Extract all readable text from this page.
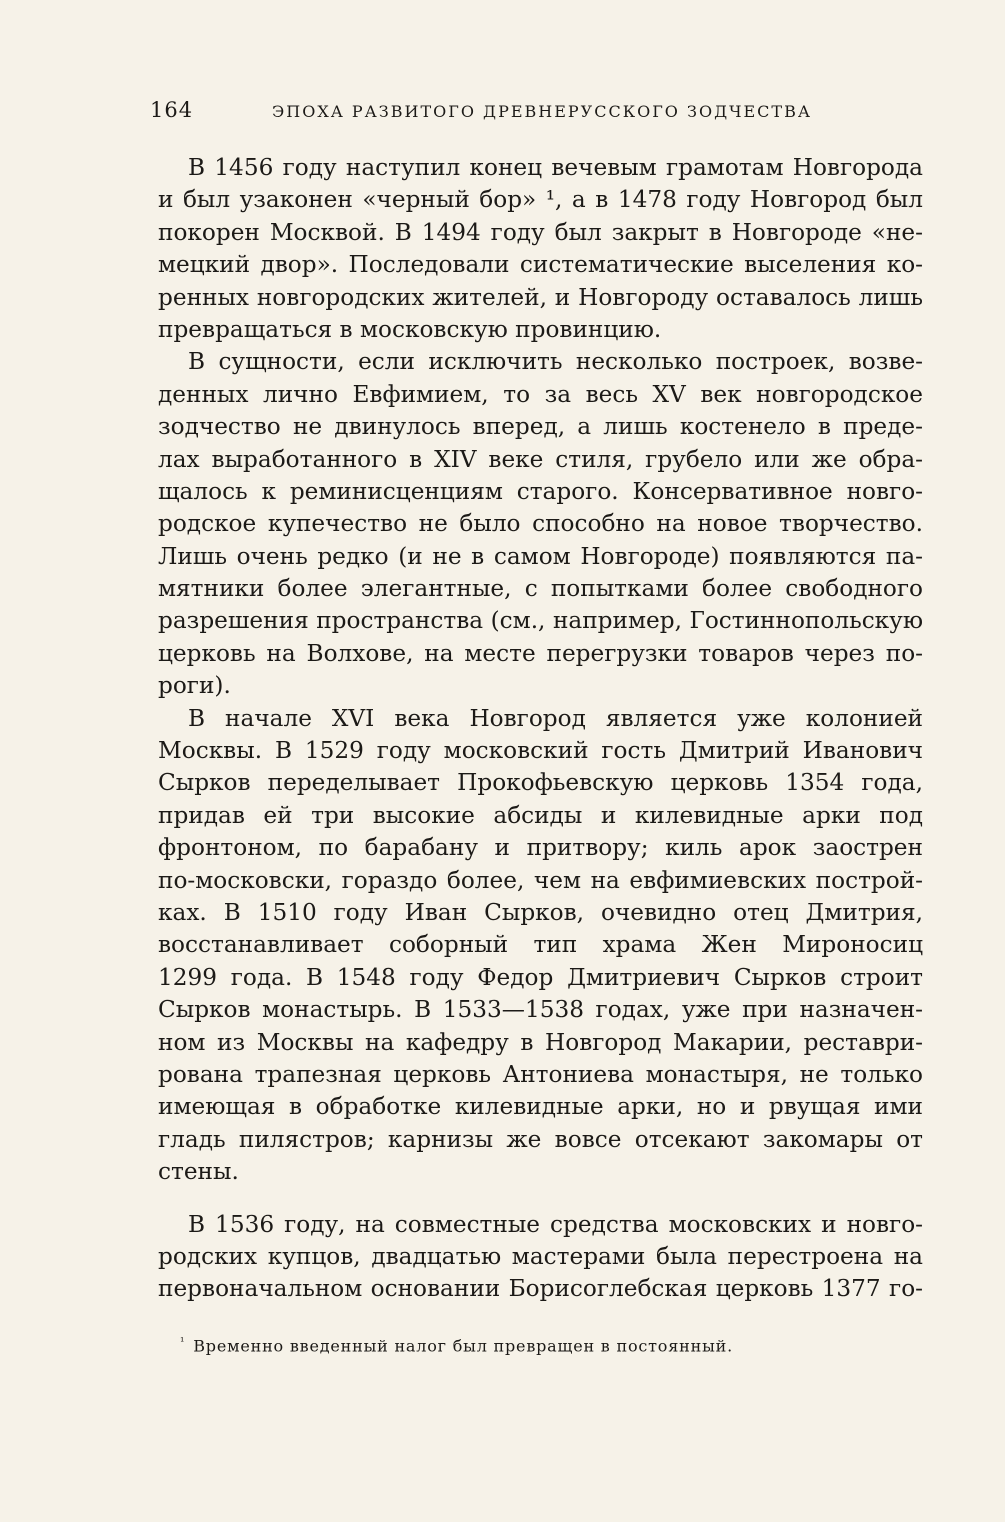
164	ЭПОХА РАЗВИТОГО ДРЕВНЕРУССКОГО ЗОДЧЕСТВА
В 1456 году наступил конец вечевым грамотам Новгорода
и был узаконен «черный бор» ¹, а в 1478 году Новгород был
покорен Москвой. В 1494 году был закрыт в Новгороде «не-
мецкий двор». Последовали систематические выселения ко-
ренных новгородских жителей, и Новгороду оставалось лишь
превращаться в московскую провинцию.
В сущности, если исключить несколько построек, возве-
денных лично Евфимием, то за весь XV век новгородское
зодчество не двинулось вперед, а лишь костенело в преде-
лах выработанного в XIV веке стиля, грубело или же обра-
щалось к реминисценциям старого. Консервативное новго-
родское купечество не было способно на новое творчество.
Лишь очень редко (и не в самом Новгороде) появляются па-
мятники более элегантные, с попытками более свободного
разрешения пространства (см., например, Гостиннопольскую
церковь на Волхове, на месте перегрузки товаров через по-
роги).
В начале XVI века Новгород является уже колонией
Москвы. В 1529 году московский гость Дмитрий Иванович
Сырков переделывает Прокофьевскую церковь 1354 года,
придав ей три высокие абсиды и килевидные арки под
фронтоном, по барабану и притвору; киль арок заострен
по-московски, гораздо более, чем на евфимиевских построй-
ках. В 1510 году Иван Сырков, очевидно отец Дмитрия,
восстанавливает соборный тип храма Жен Мироносиц
1299 года. В 1548 году Федор Дмитриевич Сырков строит
Сырков монастырь. В 1533—1538 годах, уже при назначен-
ном из Москвы на кафедру в Новгород Макарии, реставри-
рована трапезная церковь Антониева монастыря, не только
имеющая в обработке килевидные арки, но и рвущая ими
гладь пилястров; карнизы же вовсе отсекают закомары от
стены.
В 1536 году, на совместные средства московских и новго-
родских купцов, двадцатью мастерами была перестроена на
первоначальном основании Борисоглебская церковь 1377 го-
$^{^1}$ Временно введенный налог был превращен в постоянный.
